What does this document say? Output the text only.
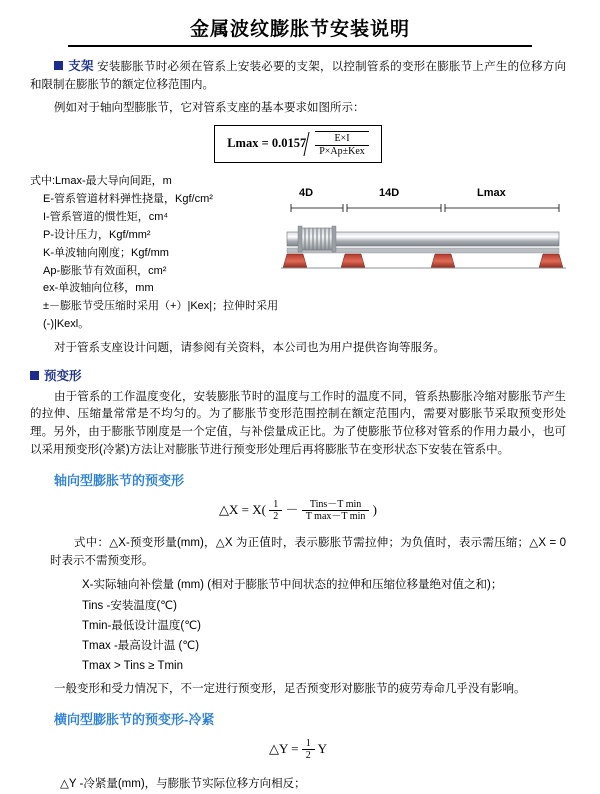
金属波纹膨胀节安装说明

支架 安装膨胀节时必须在管系上安装必要的支架，以控制管系的变形在膨胀节上产生的位移方向和限制在膨胀节的额定位移范围内。

例如对于轴向型膨胀节，它对管系支座的基本要求如图所示：

$Lmax = 0.0157 \frac{E\times I}{\text{P×Ap±Kex}}$
式中:Lmax-最大导向间距，m
E-管系管道材料弹性挠量，Kgf/cm²
I-管系管道的惯性矩，cm⁴
P-设计压力，Kgf/mm²
K-单波轴向刚度；Kgf/mm
Ap-膨胀节有效面积，cm²
ex-单波轴向位移，mm
±－膨胀节受压缩时采用（+）|Kex|；拉伸时采用(-)|Kexl。
4D	14D	Lmax

对于管系支座设计问题，请参阅有关资料，本公司也为用户提供咨询等服务。

预变形

由于管系的工作温度变化，安装膨胀节时的温度与工作时的温度不同，管系热膨胀冷缩对膨胀节产生的拉伸、压缩量常常是不均匀的。为了膨胀节变形范围控制在额定范围内，需要对膨胀节采取预变形处理。另外，由于膨胀节刚度是一个定值，与补偿量成正比。为了使膨胀节位移对管系的作用力最小，也可以采用预变形(冷紧)方法让对膨胀节进行预变形处理后再将膨胀节在变形状态下安装在管系中。

轴向型膨胀节的预变形
△X = $X( \frac{1}{2} - \frac{\text{Tins－T min}}{\text{T max－T min}}$ )

式中：△X-预变形量(mm)，△X 为正值时，表示膨胀节需拉伸；为负值时，表示需压缩；△X = 0时表示不需预变形。

X-实际轴向补偿量 (mm) (相对于膨胀节中间状态的拉伸和压缩位移量绝对值之和)；
Tins -安装温度(℃)
Tmin-最低设计温度(℃)
Tmax -最高设计温 (℃)
Tmax > Tins ≥ Tmin

一般变形和受力情况下，不一定进行预变形，足否预变形对膨胀节的疲劳寿命几乎没有影响。

横向型膨胀节的预变形-冷紧
△Y = $\frac{1}{2}$ Y
△Y -冷紧量(mm)，与膨胀节实际位移方向相反；
